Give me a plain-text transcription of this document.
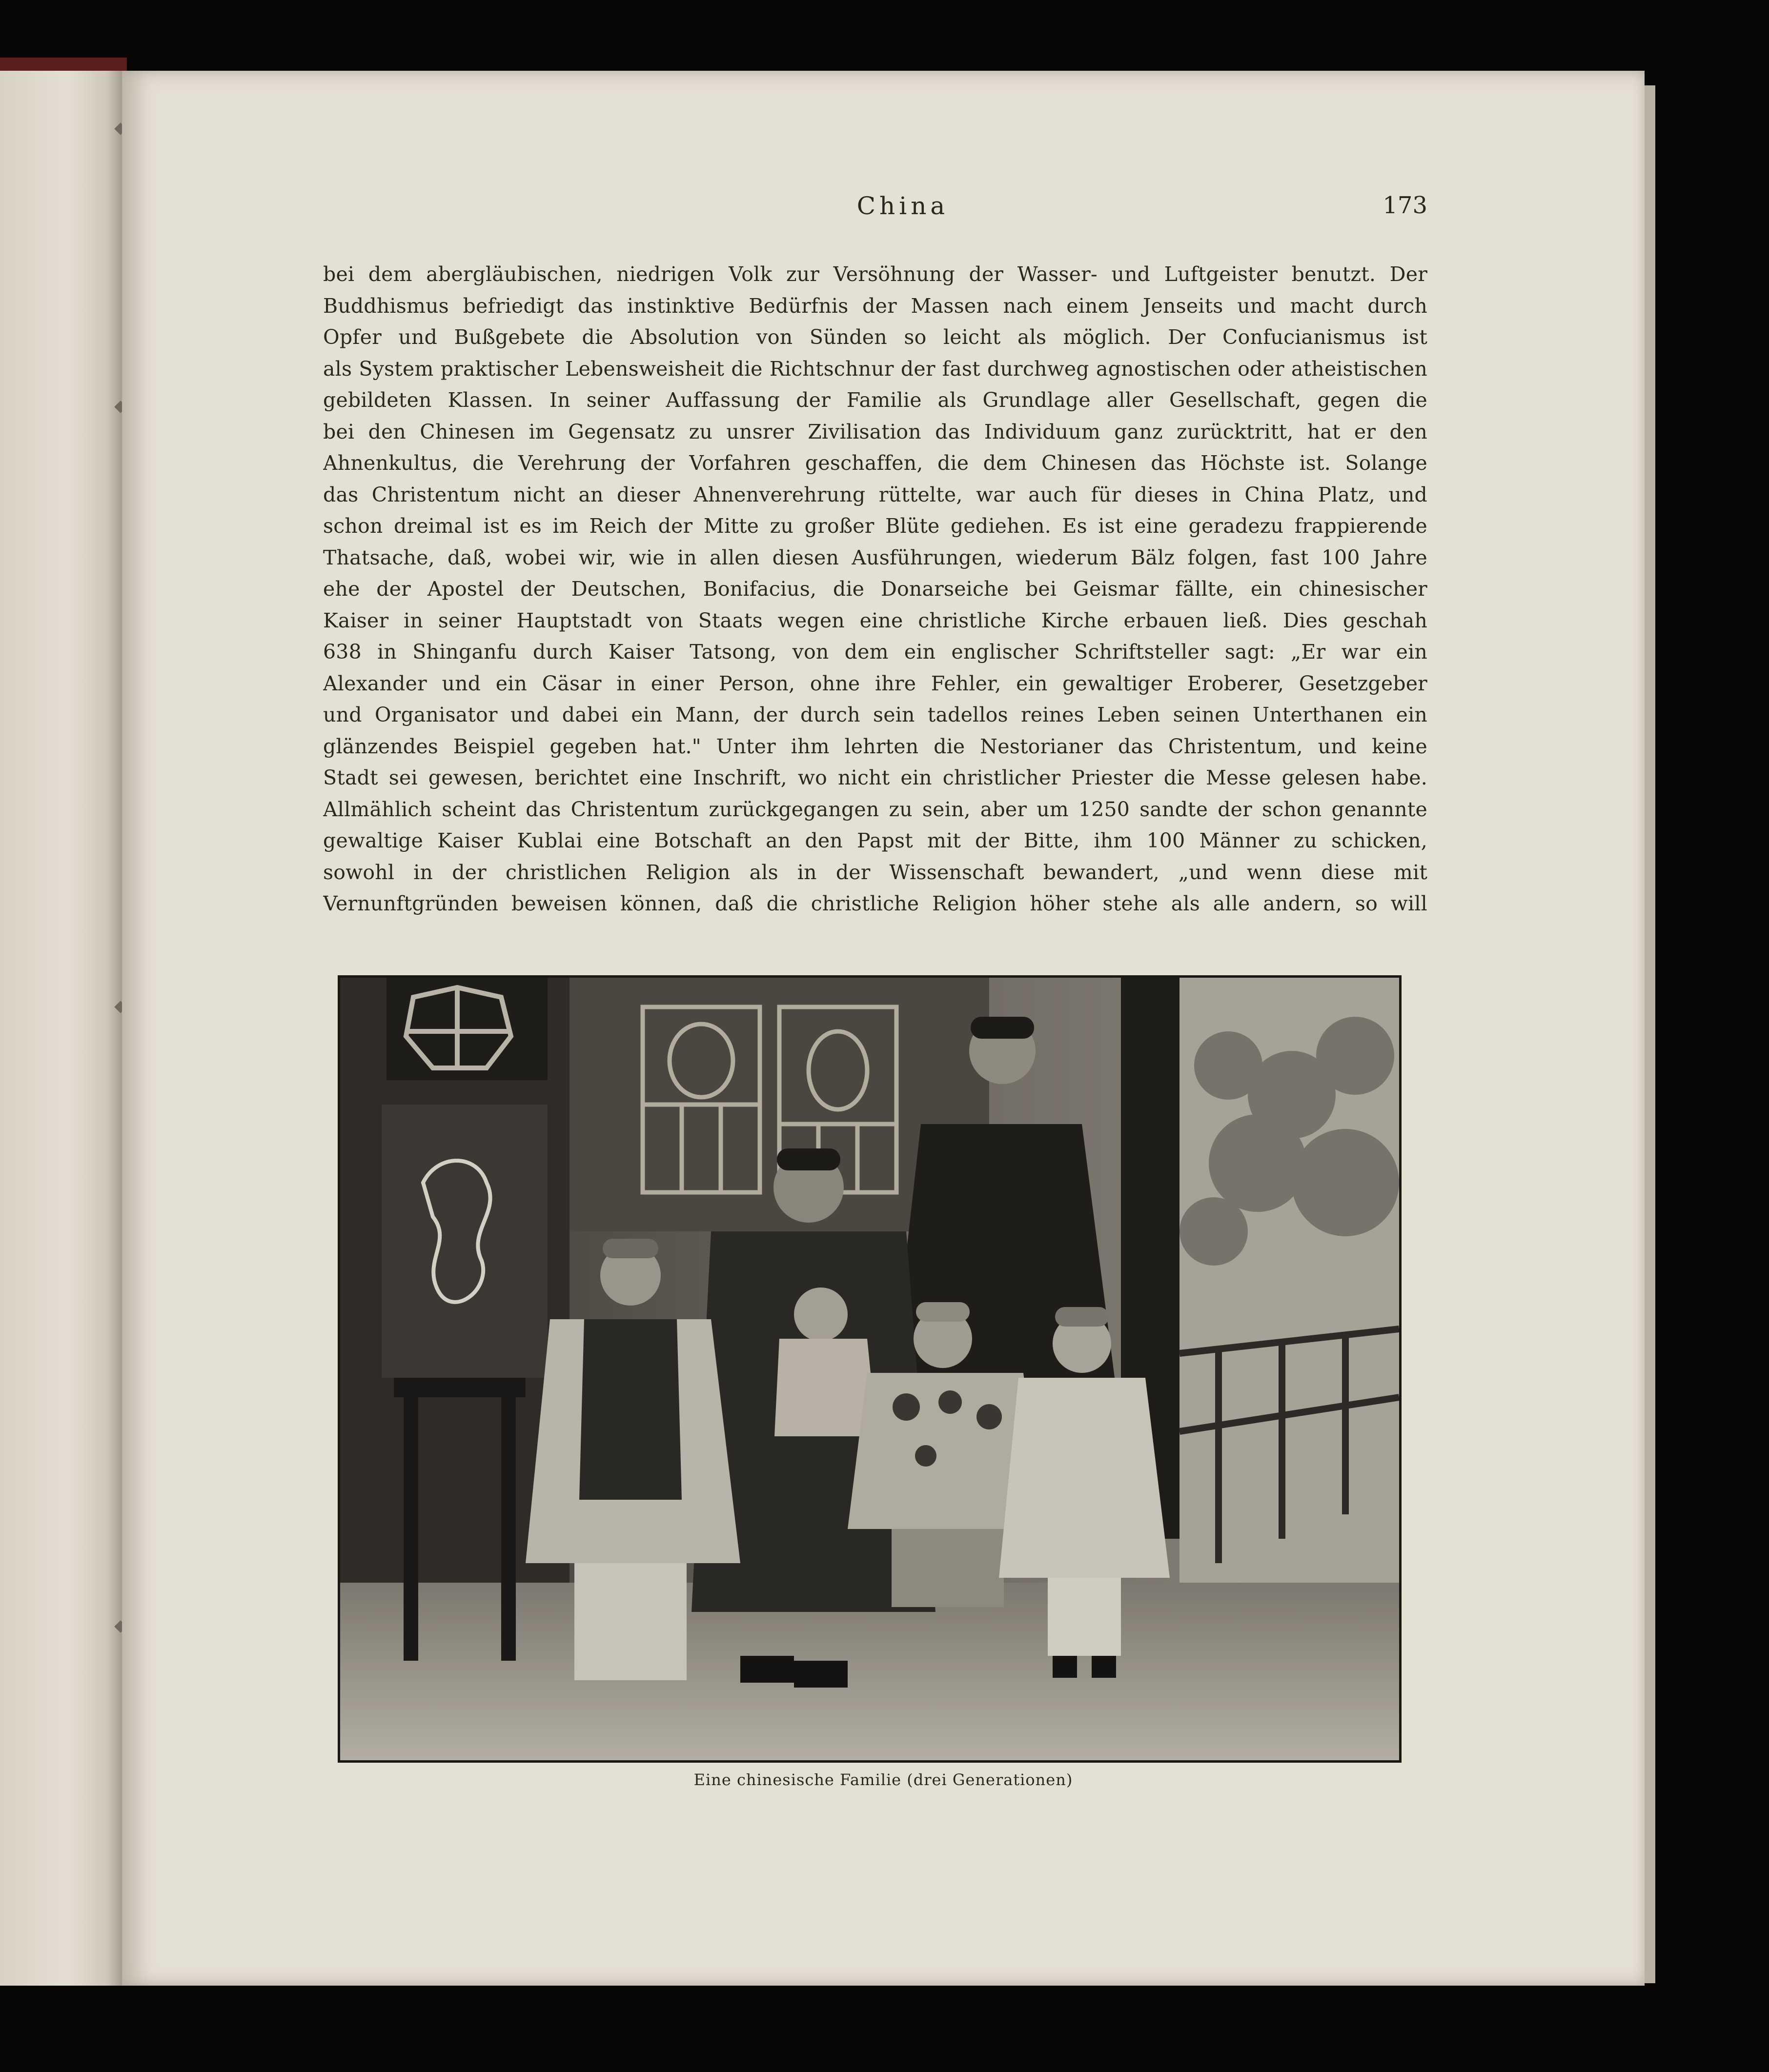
China	173
bei dem abergläubischen, niedrigen Volk zur Versöhnung der Wasser- und Luftgeister benutzt. Der
Buddhismus befriedigt das instinktive Bedürfnis der Massen nach einem Jenseits und macht durch
Opfer und Bußgebete die Absolution von Sünden so leicht als möglich. Der Confucianismus ist
als System praktischer Lebensweisheit die Richtschnur der fast durchweg agnostischen oder atheistischen
gebildeten Klassen. In seiner Auffassung der Familie als Grundlage aller Gesellschaft, gegen die
bei den Chinesen im Gegensatz zu unsrer Zivilisation das Individuum ganz zurücktritt, hat er den
Ahnenkultus, die Verehrung der Vorfahren geschaffen, die dem Chinesen das Höchste ist. Solange
das Christentum nicht an dieser Ahnenverehrung rüttelte, war auch für dieses in China Platz, und
schon dreimal ist es im Reich der Mitte zu großer Blüte gediehen. Es ist eine geradezu frappierende
Thatsache, daß, wobei wir, wie in allen diesen Ausführungen, wiederum Bälz folgen, fast 100 Jahre
ehe der Apostel der Deutschen, Bonifacius, die Donarseiche bei Geismar fällte, ein chinesischer
Kaiser in seiner Hauptstadt von Staats wegen eine christliche Kirche erbauen ließ. Dies geschah
638 in Shinganfu durch Kaiser Tatsong, von dem ein englischer Schriftsteller sagt: „Er war ein
Alexander und ein Cäsar in einer Person, ohne ihre Fehler, ein gewaltiger Eroberer, Gesetzgeber
und Organisator und dabei ein Mann, der durch sein tadellos reines Leben seinen Unterthanen ein
glänzendes Beispiel gegeben hat." Unter ihm lehrten die Nestorianer das Christentum, und keine
Stadt sei gewesen, berichtet eine Inschrift, wo nicht ein christlicher Priester die Messe gelesen habe.
Allmählich scheint das Christentum zurückgegangen zu sein, aber um 1250 sandte der schon genannte
gewaltige Kaiser Kublai eine Botschaft an den Papst mit der Bitte, ihm 100 Männer zu schicken,
sowohl in der christlichen Religion als in der Wissenschaft bewandert, „und wenn diese mit
Vernunftgründen beweisen können, daß die christliche Religion höher stehe als alle andern, so will
Eine chinesische Familie (drei Generationen)
